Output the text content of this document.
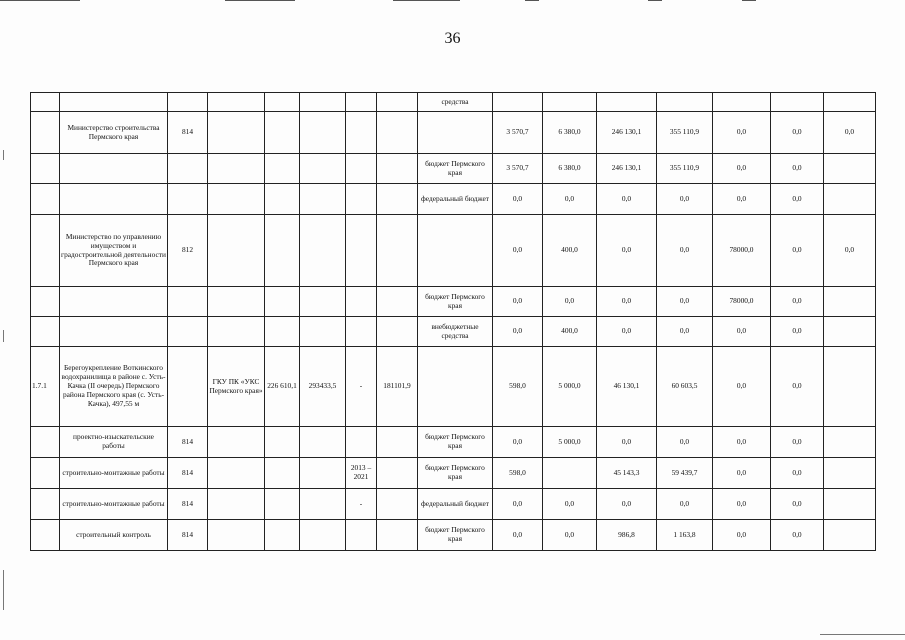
36
								средства							
	Министерство строительства Пермского края	814							3 570,7	6 380,0	246 130,1	355 110,9	0,0	0,0	0,0
								бюджет Пермского края	3 570,7	6 380,0	246 130,1	355 110,9	0,0	0,0	
								федеральный бюджет	0,0	0,0	0,0	0,0	0,0	0,0	
	Министерство по управлению имуществом и градостроительной деятельности Пермского края	812							0,0	400,0	0,0	0,0	78000,0	0,0	0,0
								бюджет Пермского края	0,0	0,0	0,0	0,0	78000,0	0,0	
								внебюджетные средства	0,0	400,0	0,0	0,0	0,0	0,0	
1.7.1	Берегоукрепление Воткинского водохранилища в районе с. Усть-Качка (II очередь) Пермского района Пермского края (с. Усть-Качка), 497,55 м		ГКУ ПК «УКС Пермского края»	226 610,1	293433,5	-	181101,9		598,0	5 000,0	46 130,1	60 603,5	0,0	0,0	
	проектно-изыскательские работы	814						бюджет Пермского края	0,0	5 000,0	0,0	0,0	0,0	0,0	
	строительно-монтажные работы	814				2013 – 2021		бюджет Пермского края	598,0		45 143,3	59 439,7	0,0	0,0	
	строительно-монтажные работы	814				-		федеральный бюджет	0,0	0,0	0,0	0,0	0,0	0,0	
	строительный контроль	814						бюджет Пермского края	0,0	0,0	986,8	1 163,8	0,0	0,0	
